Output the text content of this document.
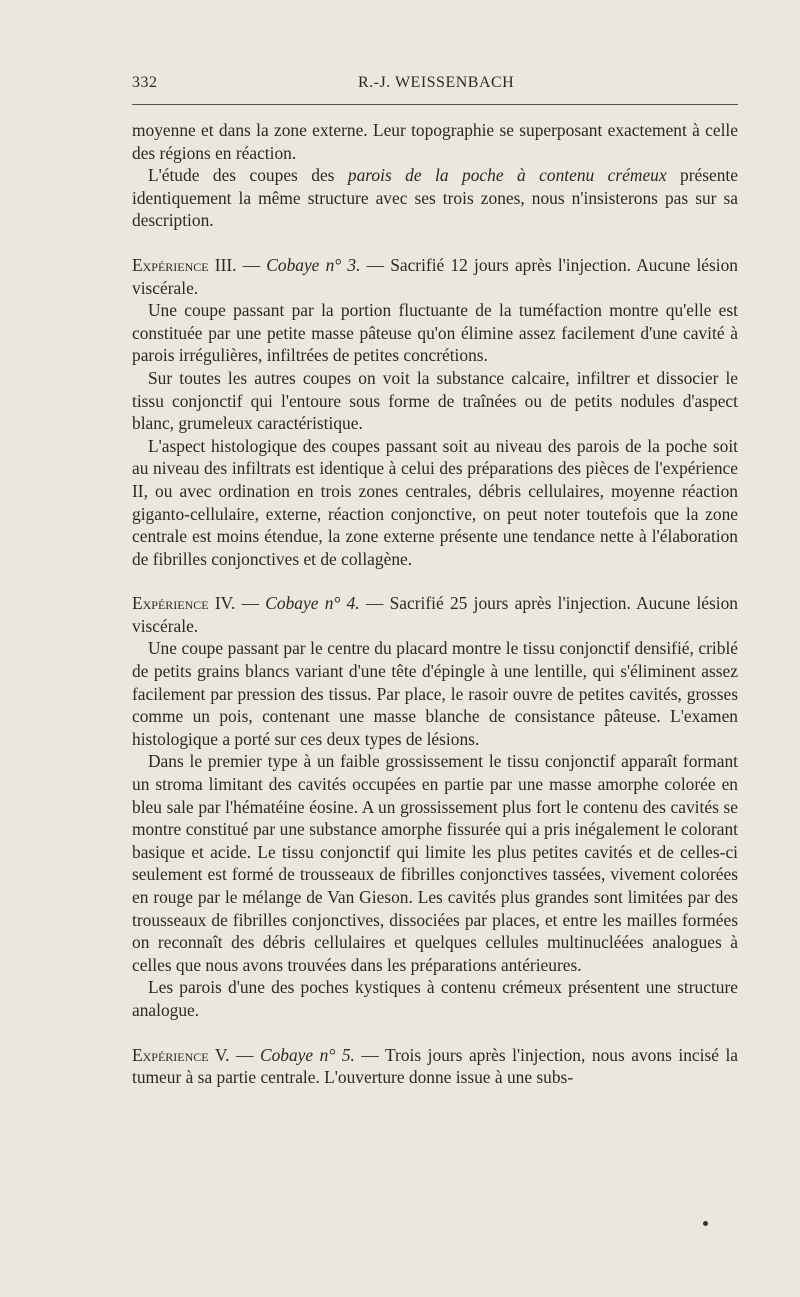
332	R.-J. WEISSENBACH

moyenne et dans la zone externe. Leur topographie se superposant exactement à celle des régions en réaction.

L'étude des coupes des parois de la poche à contenu crémeux présente identiquement la même structure avec ses trois zones, nous n'insisterons pas sur sa description.

Expérience III. — Cobaye n° 3. — Sacrifié 12 jours après l'injection. Aucune lésion viscérale.

Une coupe passant par la portion fluctuante de la tuméfaction montre qu'elle est constituée par une petite masse pâteuse qu'on élimine assez facilement d'une cavité à parois irrégulières, infiltrées de petites concrétions.

Sur toutes les autres coupes on voit la substance calcaire, infiltrer et dissocier le tissu conjonctif qui l'entoure sous forme de traînées ou de petits nodules d'aspect blanc, grumeleux caractéristique.

L'aspect histologique des coupes passant soit au niveau des parois de la poche soit au niveau des infiltrats est identique à celui des préparations des pièces de l'expérience II, ou avec ordination en trois zones centrales, débris cellulaires, moyenne réaction giganto-cellulaire, externe, réaction conjonctive, on peut noter toutefois que la zone centrale est moins étendue, la zone externe présente une tendance nette à l'élaboration de fibrilles conjonctives et de collagène.

Expérience IV. — Cobaye n° 4. — Sacrifié 25 jours après l'injection. Aucune lésion viscérale.

Une coupe passant par le centre du placard montre le tissu conjonctif densifié, criblé de petits grains blancs variant d'une tête d'épingle à une lentille, qui s'éliminent assez facilement par pression des tissus. Par place, le rasoir ouvre de petites cavités, grosses comme un pois, contenant une masse blanche de consistance pâteuse. L'examen histologique a porté sur ces deux types de lésions.

Dans le premier type à un faible grossissement le tissu conjonctif apparaît formant un stroma limitant des cavités occupées en partie par une masse amorphe colorée en bleu sale par l'hématéine éosine. A un grossissement plus fort le contenu des cavités se montre constitué par une substance amorphe fissurée qui a pris inégalement le colorant basique et acide. Le tissu conjonctif qui limite les plus petites cavités et de celles-ci seulement est formé de trousseaux de fibrilles conjonctives tassées, vivement colorées en rouge par le mélange de Van Gieson. Les cavités plus grandes sont limitées par des trousseaux de fibrilles conjonctives, dissociées par places, et entre les mailles formées on reconnaît des débris cellulaires et quelques cellules multinucléées analogues à celles que nous avons trouvées dans les préparations antérieures.

Les parois d'une des poches kystiques à contenu crémeux présentent une structure analogue.

Expérience V. — Cobaye n° 5. — Trois jours après l'injection, nous avons incisé la tumeur à sa partie centrale. L'ouverture donne issue à une subs-
